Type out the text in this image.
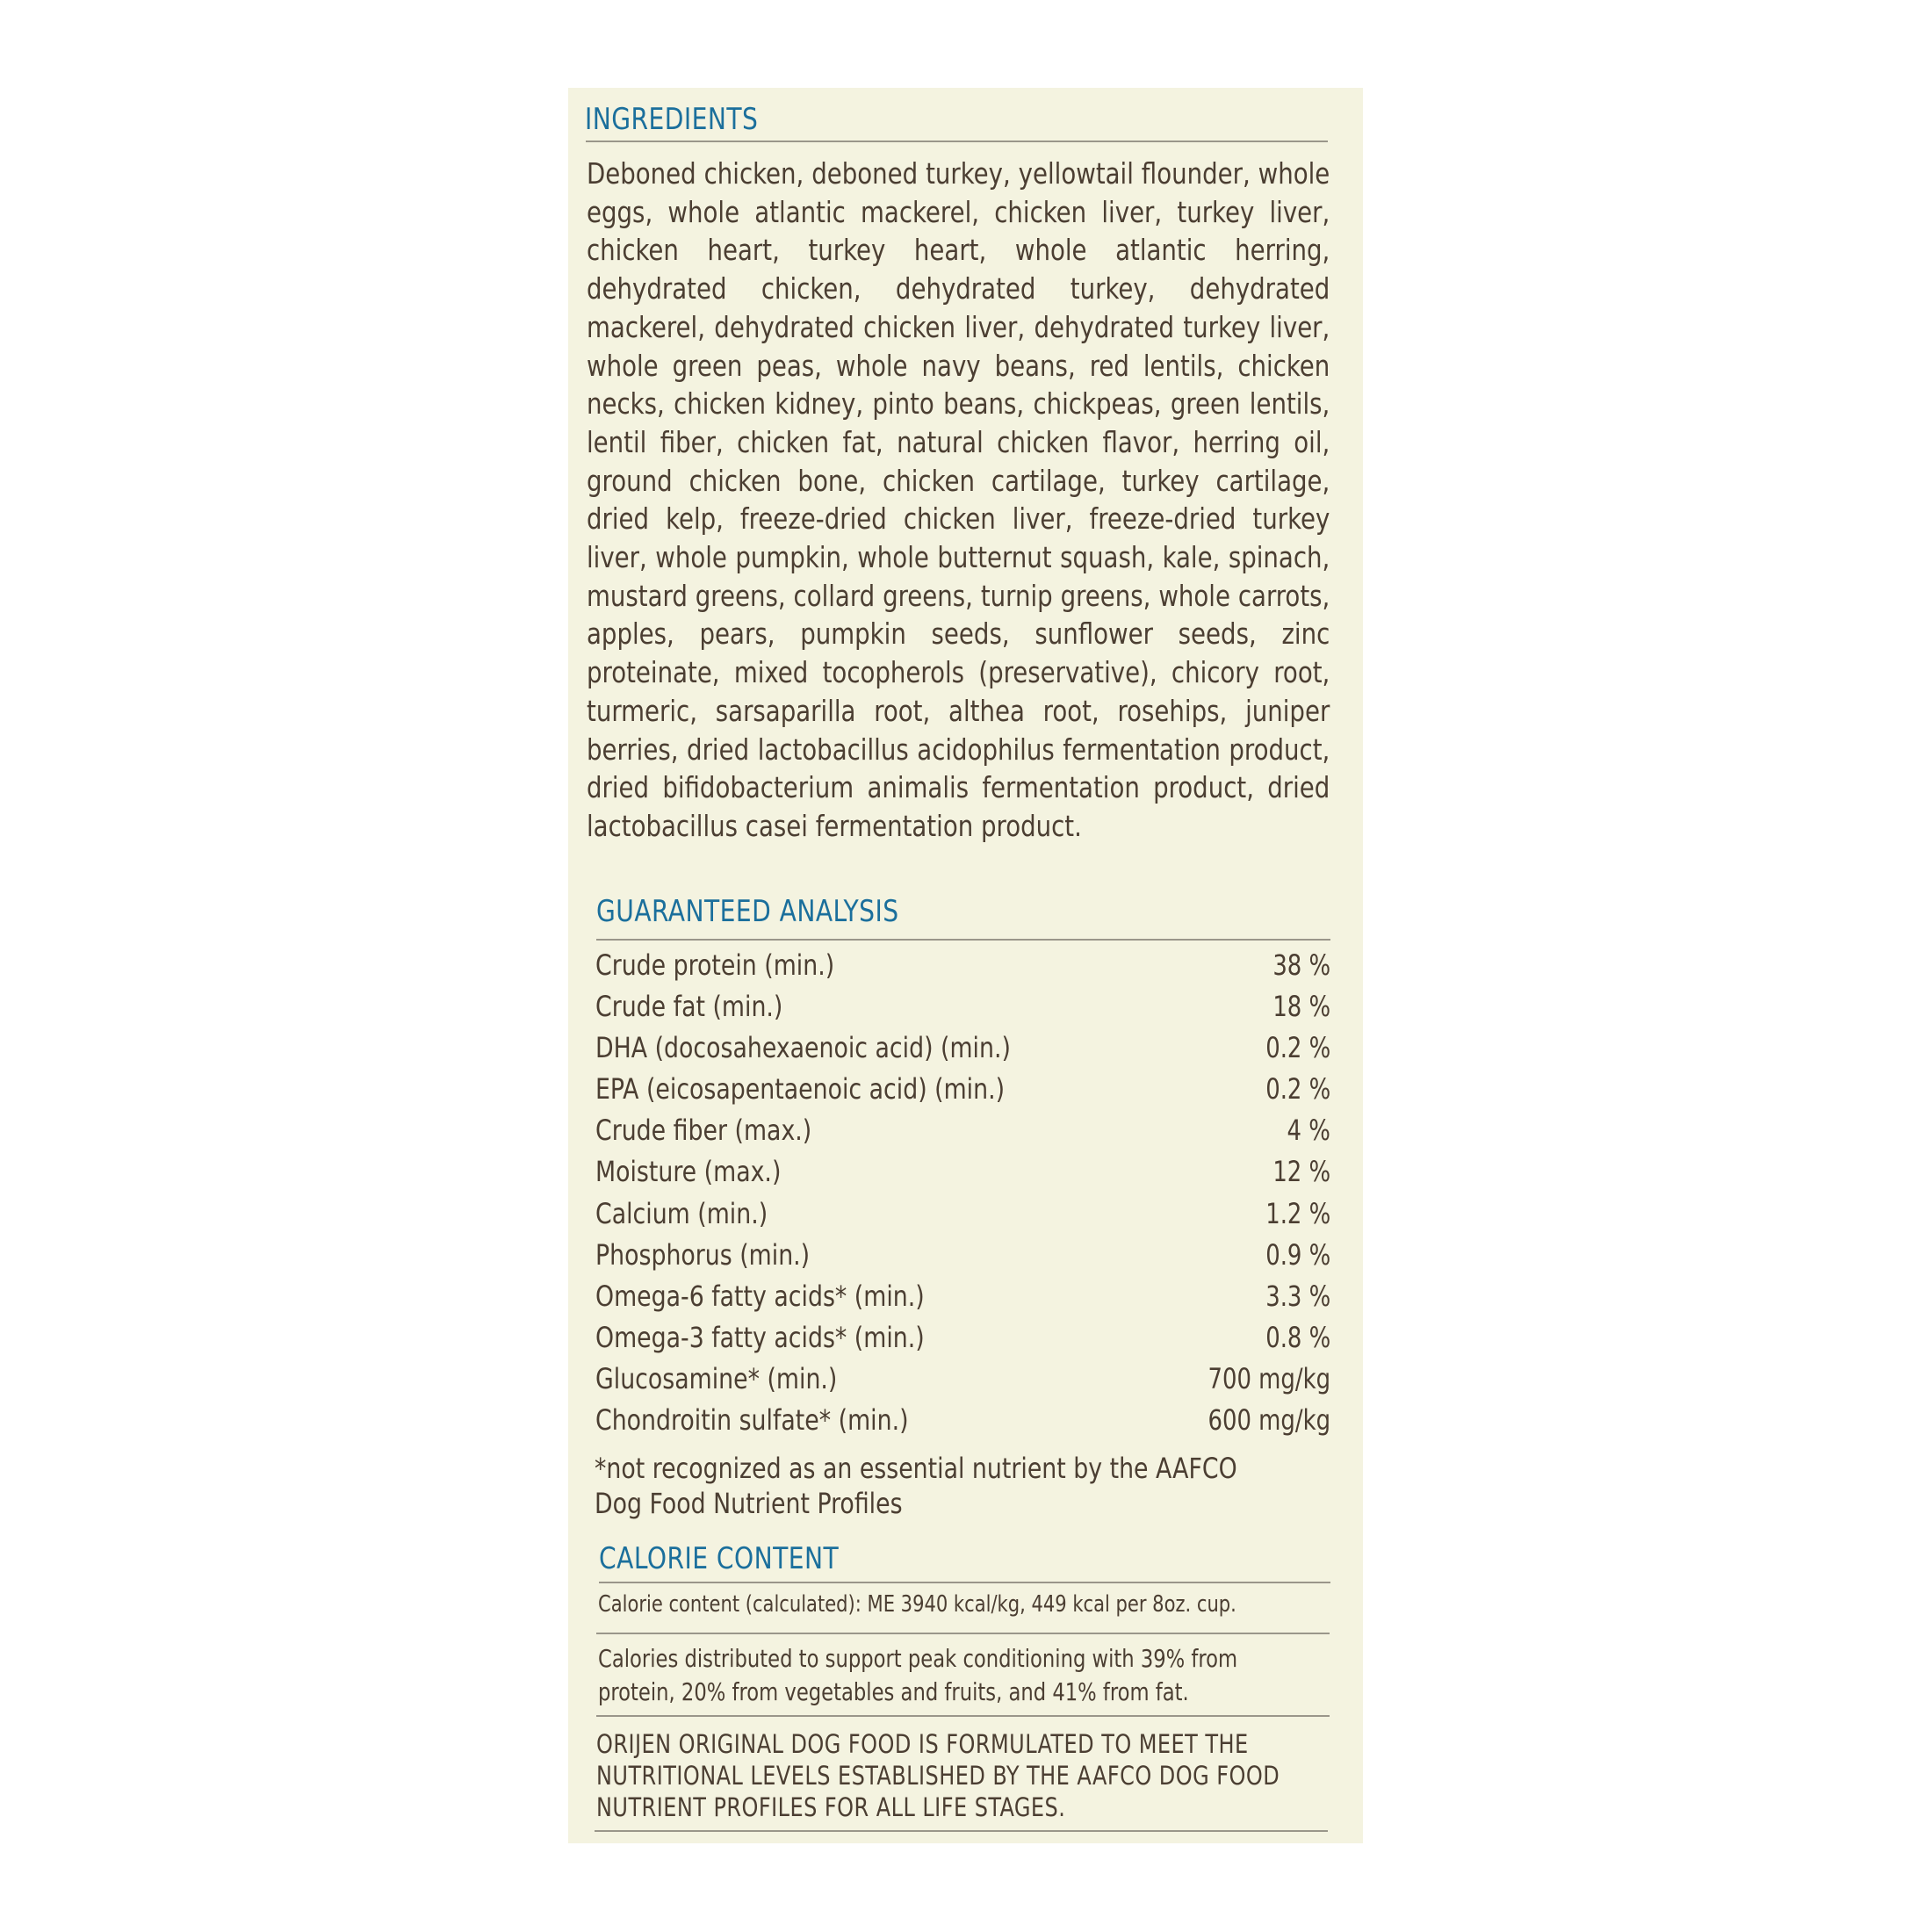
INGREDIENTS
Deboned chicken, deboned turkey, yellowtail flounder, whole eggs, whole atlantic mackerel, chicken liver, turkey liver, chicken heart, turkey heart, whole atlantic herring, dehydrated chicken, dehydrated turkey, dehydrated mackerel, dehydrated chicken liver, dehydrated turkey liver, whole green peas, whole navy beans, red lentils, chicken necks, chicken kidney, pinto beans, chickpeas, green lentils, lentil fiber, chicken fat, natural chicken flavor, herring oil, ground chicken bone, chicken cartilage, turkey cartilage, dried kelp, freeze-dried chicken liver, freeze-dried turkey liver, whole pumpkin, whole butternut squash, kale, spinach, mustard greens, collard greens, turnip greens, whole carrots, apples, pears, pumpkin seeds, sunflower seeds, zinc proteinate, mixed tocopherols (preservative), chicory root, turmeric, sarsaparilla root, althea root, rosehips, juniper berries, dried lactobacillus acidophilus fermentation product, dried bifidobacterium animalis fermentation product, dried lactobacillus casei fermentation product.
GUARANTEED ANALYSIS
Crude protein (min.)	38 %
Crude fat (min.)	18 %
DHA (docosahexaenoic acid) (min.)	0.2 %
EPA (eicosapentaenoic acid) (min.)	0.2 %
Crude fiber (max.)	4 %
Moisture (max.)	12 %
Calcium (min.)	1.2 %
Phosphorus (min.)	0.9 %
Omega-6 fatty acids* (min.)	3.3 %
Omega-3 fatty acids* (min.)	0.8 %
Glucosamine* (min.)	700 mg/kg
Chondroitin sulfate* (min.)	600 mg/kg
*not recognized as an essential nutrient by the AAFCO Dog Food Nutrient Profiles
CALORIE CONTENT
Calorie content (calculated): ME 3940 kcal/kg, 449 kcal per 8oz. cup.
Calories distributed to support peak conditioning with 39% from protein, 20% from vegetables and fruits, and 41% from fat.
ORIJEN ORIGINAL DOG FOOD IS FORMULATED TO MEET THE NUTRITIONAL LEVELS ESTABLISHED BY THE AAFCO DOG FOOD NUTRIENT PROFILES FOR ALL LIFE STAGES.
